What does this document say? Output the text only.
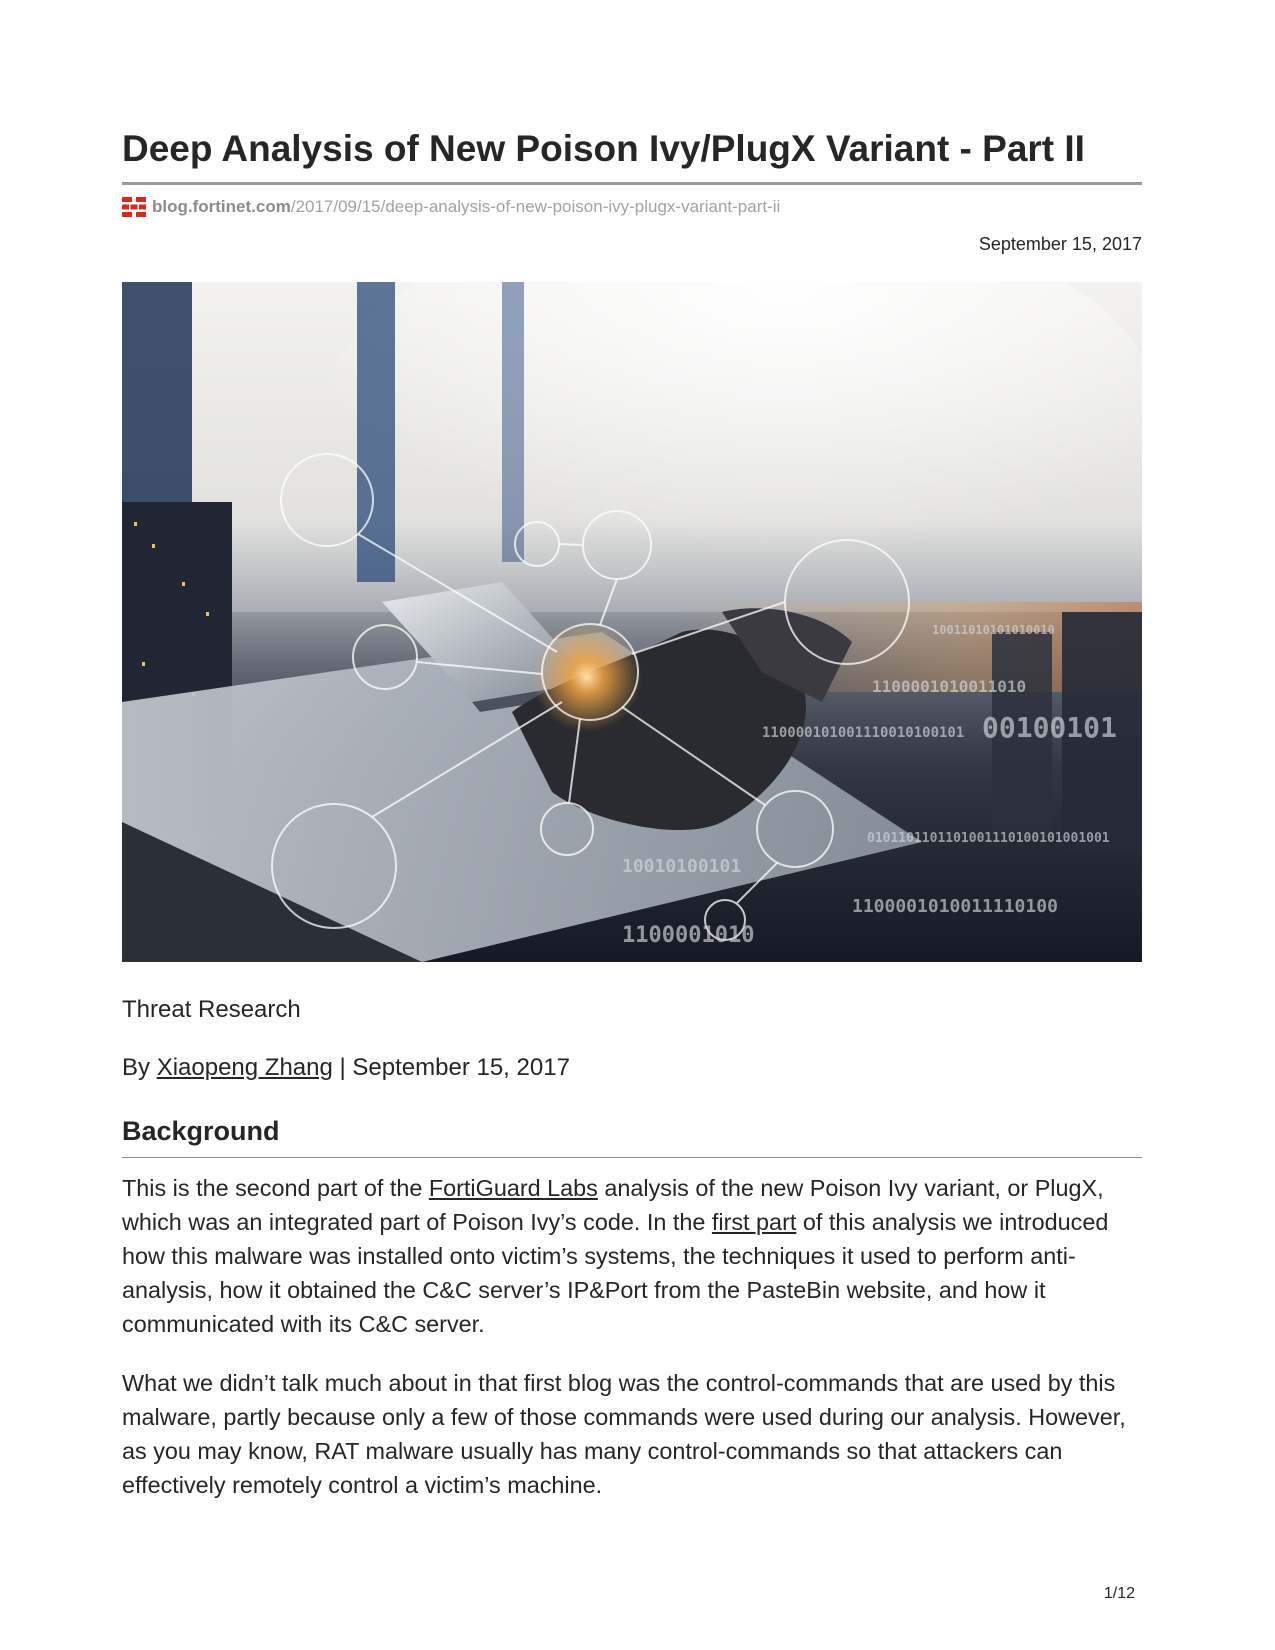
Deep Analysis of New Poison Ivy/PlugX Variant - Part II
blog.fortinet.com /2017/09/15/deep-analysis-of-new-poison-ivy-plugx-variant-part-ii
September 15, 2017
10011010101010010
1100001010011010
110000101001110010100101 00100101
0101101101101001110100101001001
10010100101
1100001010
1100001010011110100
Threat Research
By Xiaopeng Zhang | September 15, 2017
Background

This is the second part of the FortiGuard Labs analysis of the new Poison Ivy variant, or PlugX, which was an integrated part of Poison Ivy’s code. In the first part of this analysis we introduced how this malware was installed onto victim’s systems, the techniques it used to perform anti-analysis, how it obtained the C&C server’s IP&Port from the PasteBin website, and how it communicated with its C&C server.

What we didn’t talk much about in that first blog was the control-commands that are used by this malware, partly because only a few of those commands were used during our analysis. However, as you may know, RAT malware usually has many control-commands so that attackers can effectively remotely control a victim’s machine.

1/12
